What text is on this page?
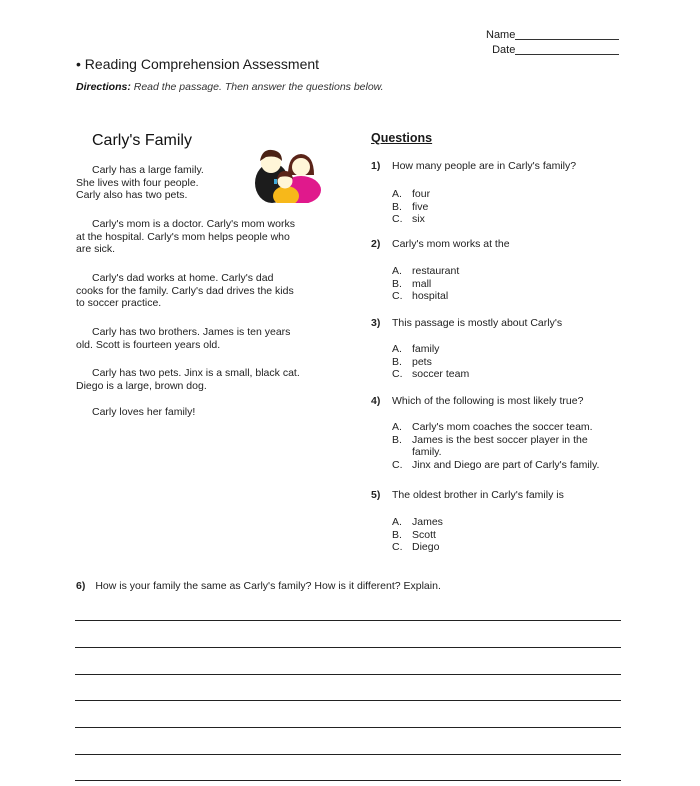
Name
Date
• Reading Comprehension Assessment
Directions: Read the passage. Then answer the questions below.
Carly's Family
Carly has a large family.
She lives with four people.
Carly also has two pets.
Carly's mom is a doctor. Carly's mom works
at the hospital. Carly's mom helps people who
are sick.
Carly's dad works at home. Carly's dad
cooks for the family. Carly's dad drives the kids
to soccer practice.
Carly has two brothers. James is ten years
old. Scott is fourteen years old.
Carly has two pets. Jinx is a small, black cat.
Diego is a large, brown dog.
Carly loves her family!
Questions
1) How many people are in Carly's family?
A. four
B. five
C. six
2) Carly's mom works at the
A. restaurant
B. mall
C. hospital
3) This passage is mostly about Carly's
A. family
B. pets
C. soccer team
4) Which of the following is most likely true?
A. Carly's mom coaches the soccer team.
B. James is the best soccer player in the family.
C. Jinx and Diego are part of Carly's family.
5) The oldest brother in Carly's family is
A. James
B. Scott
C. Diego
6) How is your family the same as Carly's family? How is it different? Explain.
